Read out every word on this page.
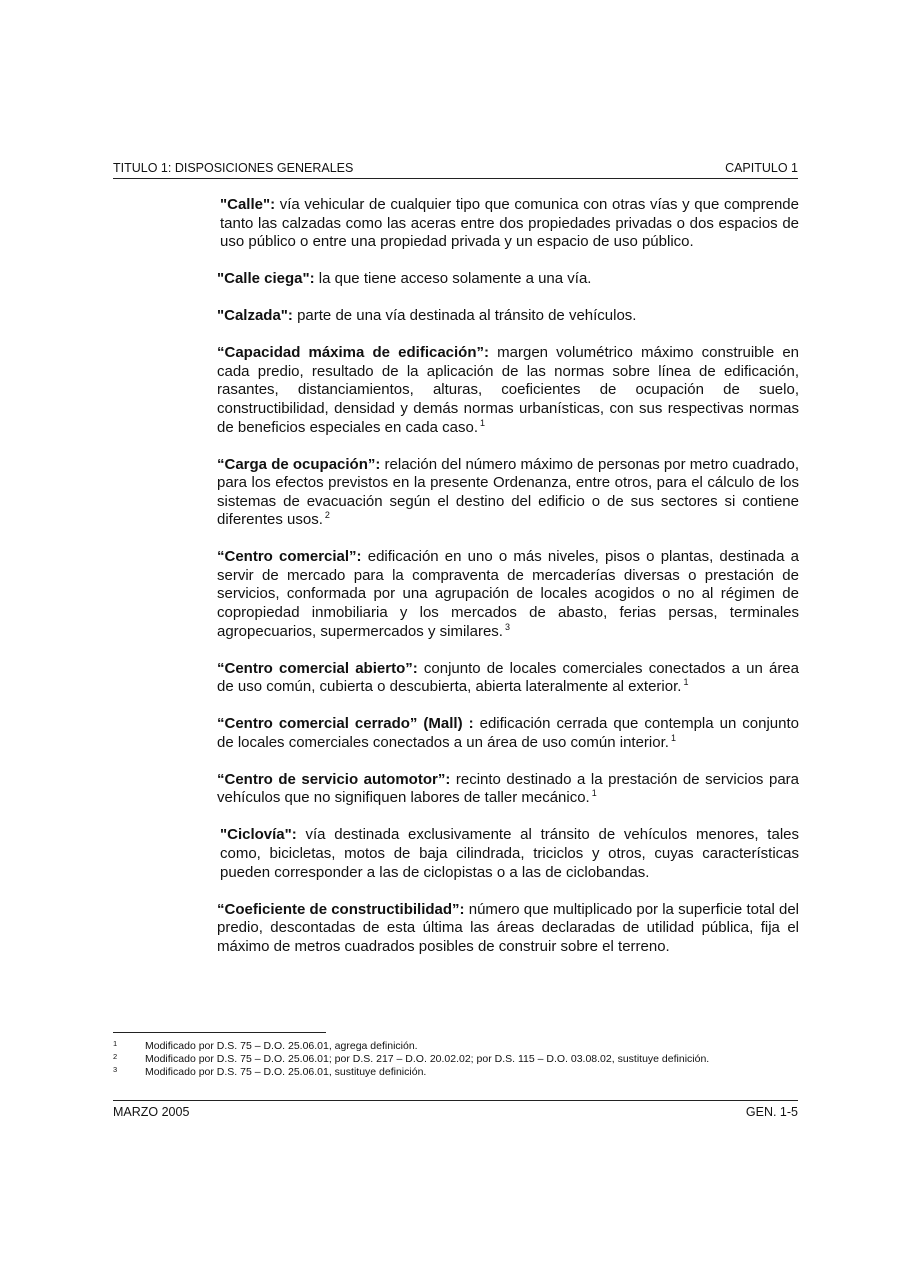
TITULO 1: DISPOSICIONES GENERALES	CAPITULO 1

"Calle": vía vehicular de cualquier tipo que comunica con otras vías y que comprende tanto las calzadas como las aceras entre dos propiedades privadas o dos espacios de uso público o entre una propiedad privada y un espacio de uso público.

"Calle ciega": la que tiene acceso solamente a una vía.

"Calzada": parte de una vía destinada al tránsito de vehículos.

“Capacidad máxima de edificación”: margen volumétrico máximo construible en cada predio, resultado de la aplicación de las normas sobre línea de edificación, rasantes, distanciamientos, alturas, coeficientes de ocupación de suelo, constructibilidad, densidad y demás normas urbanísticas, con sus respectivas normas de beneficios especiales en cada caso. $^1$

“Carga de ocupación”: relación del número máximo de personas por metro cuadrado, para los efectos previstos en la presente Ordenanza, entre otros, para el cálculo de los sistemas de evacuación según el destino del edificio o de sus sectores si contiene diferentes usos. $^2$

“Centro comercial”: edificación en uno o más niveles, pisos o plantas, destinada a servir de mercado para la compraventa de mercaderías diversas o prestación de servicios, conformada por una agrupación de locales acogidos o no al régimen de copropiedad inmobiliaria y los mercados de abasto, ferias persas, terminales agropecuarios, supermercados y similares. $^3$

“Centro comercial abierto”: conjunto de locales comerciales conectados a un área de uso común, cubierta o descubierta, abierta lateralmente al exterior. $^1$

“Centro comercial cerrado” (Mall) : edificación cerrada que contempla un conjunto de locales comerciales conectados a un área de uso común interior. $^1$

“Centro de servicio automotor”: recinto destinado a la prestación de servicios para vehículos que no signifiquen labores de taller mecánico. $^1$

"Ciclovía": vía destinada exclusivamente al tránsito de vehículos menores, tales como, bicicletas, motos de baja cilindrada, triciclos y otros, cuyas características pueden corresponder a las de ciclopistas o a las de ciclobandas.

“Coeficiente de constructibilidad”: número que multiplicado por la superficie total del predio, descontadas de esta última las áreas declaradas de utilidad pública, fija el máximo de metros cuadrados posibles de construir sobre el terreno.

1	Modificado por D.S. 75 – D.O. 25.06.01, agrega definición.
2	Modificado por D.S. 75 – D.O. 25.06.01; por D.S. 217 – D.O. 20.02.02; por D.S. 115 – D.O. 03.08.02, sustituye definición.
3	Modificado por D.S. 75 – D.O. 25.06.01, sustituye definición.
MARZO 2005	GEN. 1-5
